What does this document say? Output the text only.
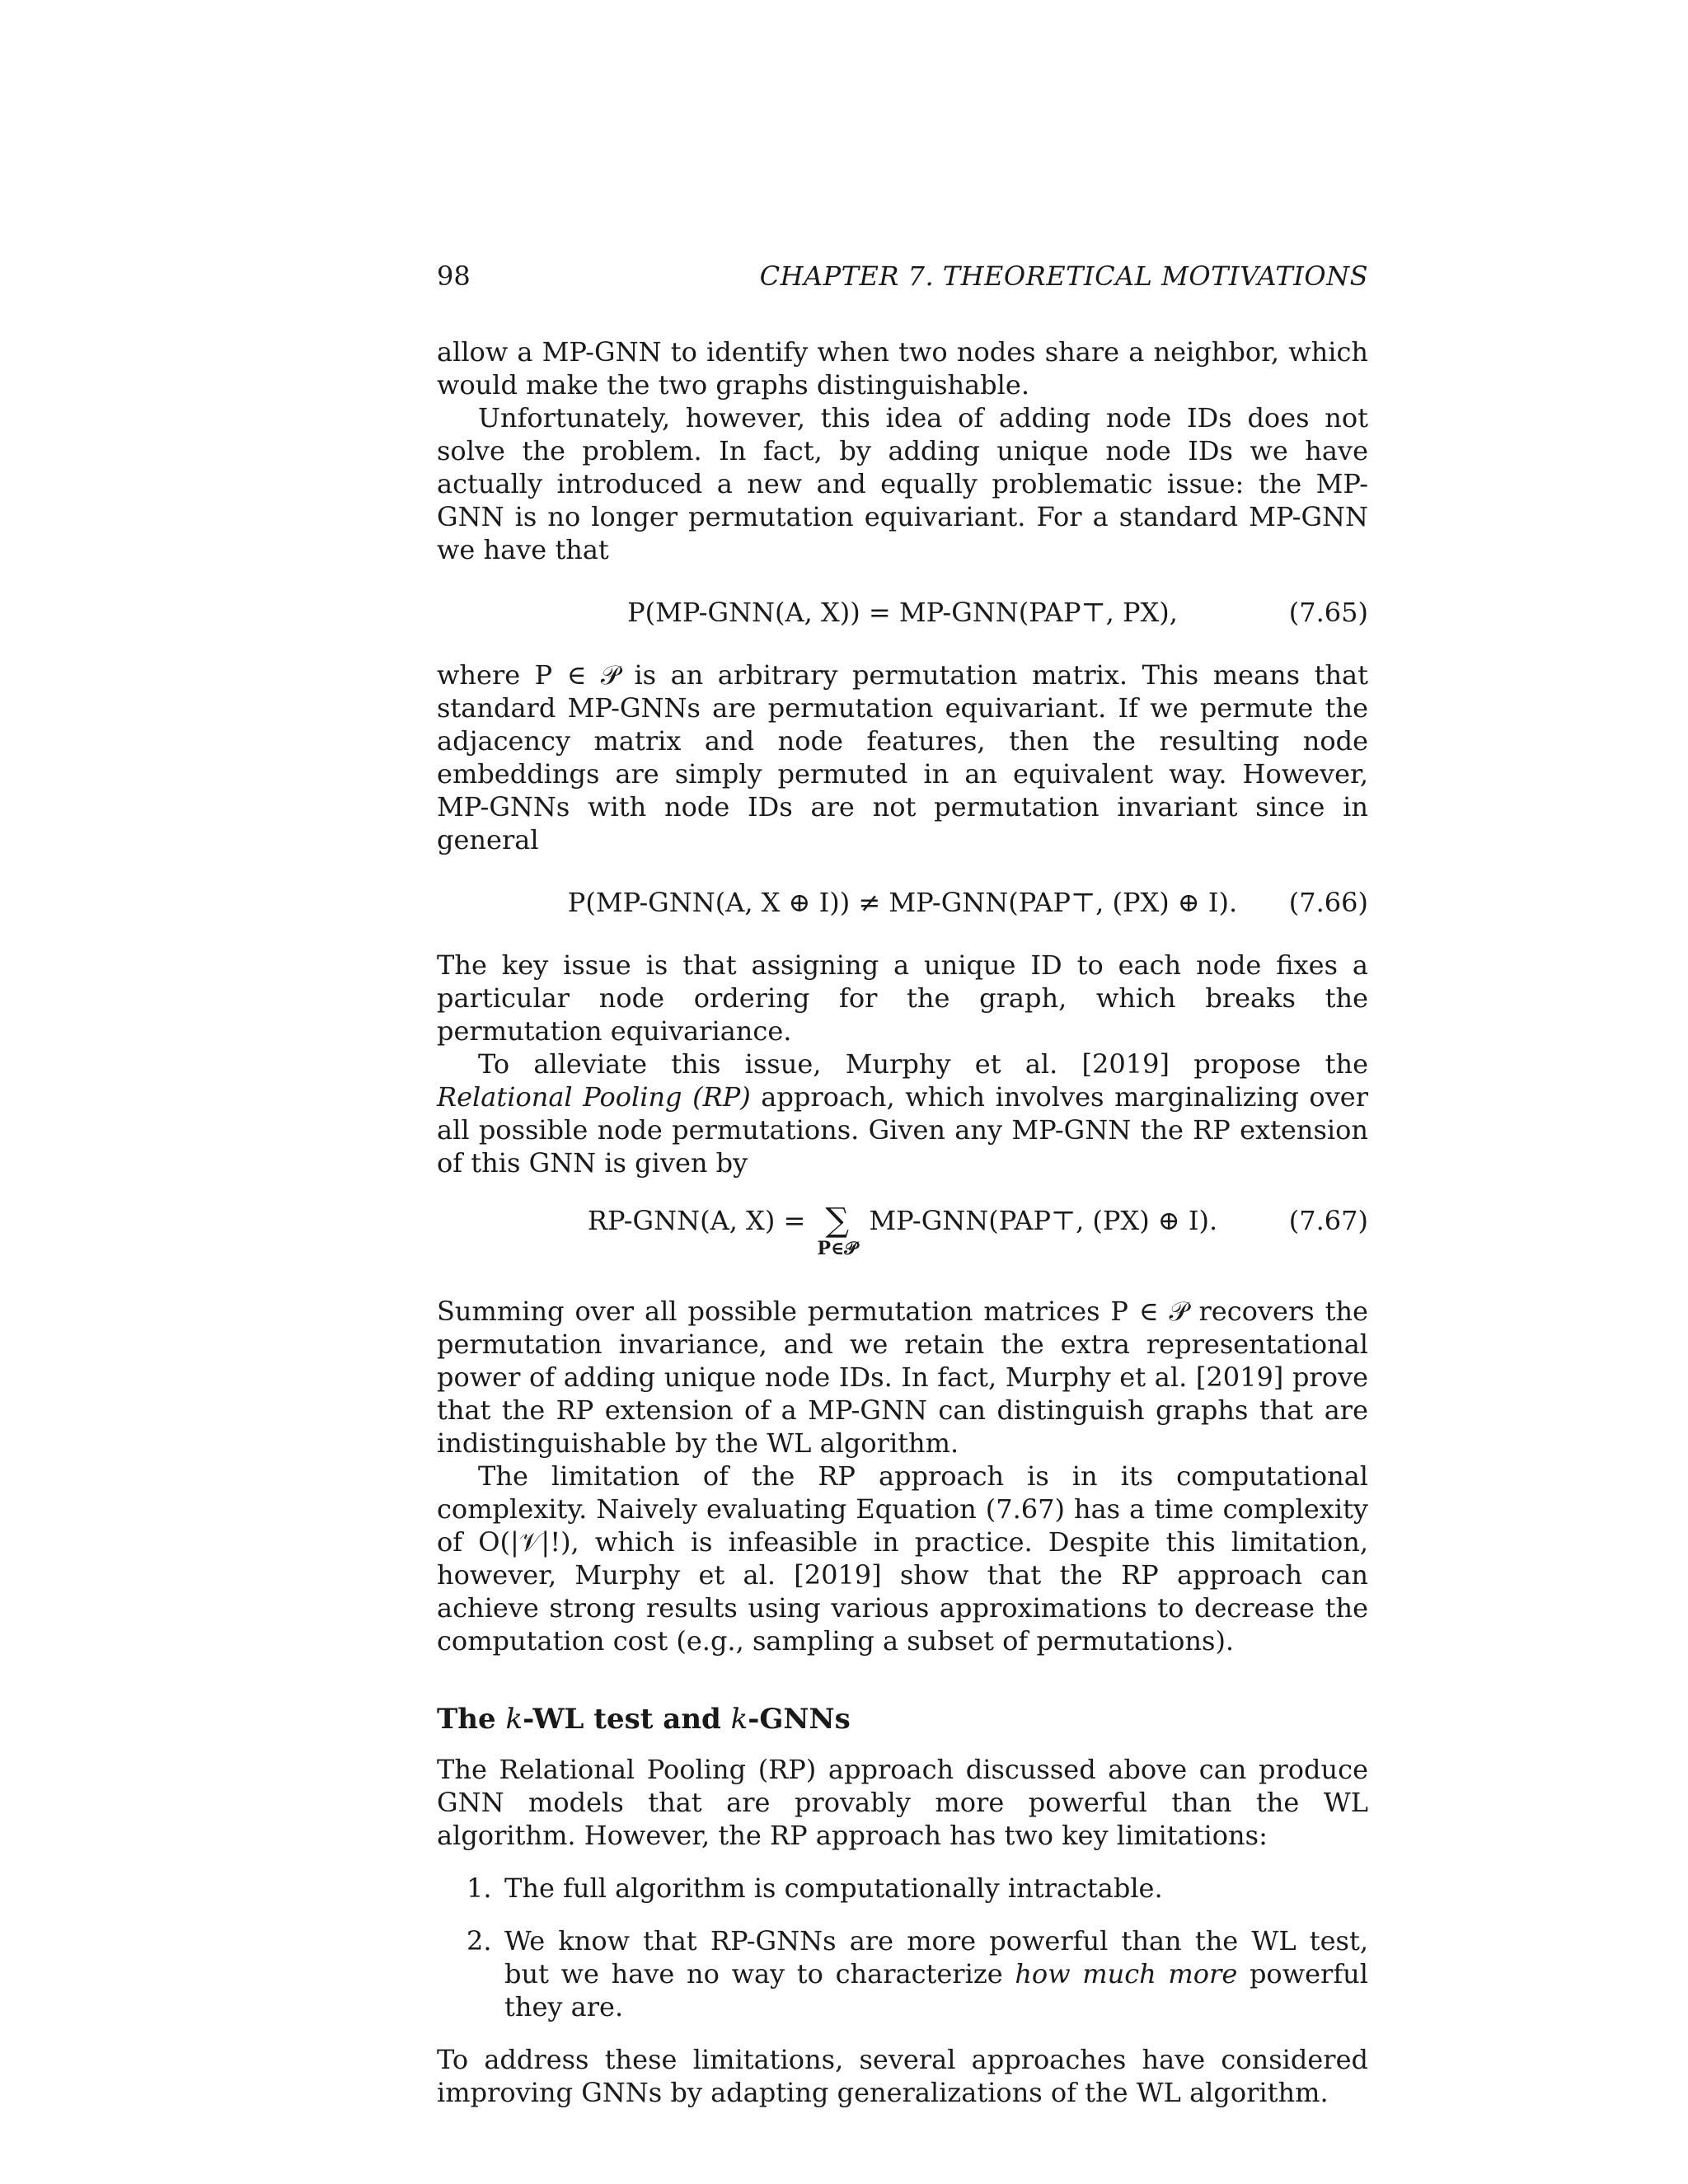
98	CHAPTER 7. THEORETICAL MOTIVATIONS

allow a MP-GNN to identify when two nodes share a neighbor, which would make the two graphs distinguishable.

Unfortunately, however, this idea of adding node IDs does not solve the problem. In fact, by adding unique node IDs we have actually introduced a new and equally problematic issue: the MP-GNN is no longer permutation equivariant. For a standard MP-GNN we have that

P(MP-GNN(A, X)) = MP-GNN(PAP⊤, PX),	(7.65)

where P ∈ 𝒫 is an arbitrary permutation matrix. This means that standard MP-GNNs are permutation equivariant. If we permute the adjacency matrix and node features, then the resulting node embeddings are simply permuted in an equivalent way. However, MP-GNNs with node IDs are not permutation invariant since in general

P(MP-GNN(A, X ⊕ I)) ≠ MP-GNN(PAP⊤, (PX) ⊕ I).	(7.66)

The key issue is that assigning a unique ID to each node fixes a particular node ordering for the graph, which breaks the permutation equivariance.

To alleviate this issue, Murphy et al. [2019] propose the Relational Pooling (RP) approach, which involves marginalizing over all possible node permutations. Given any MP-GNN the RP extension of this GNN is given by

RP-GNN(A, X) = ∑
P∈𝒫
MP-GNN(PAP⊤, (PX) ⊕ I).	(7.67)

Summing over all possible permutation matrices P ∈ 𝒫 recovers the permutation invariance, and we retain the extra representational power of adding unique node IDs. In fact, Murphy et al. [2019] prove that the RP extension of a MP-GNN can distinguish graphs that are indistinguishable by the WL algorithm.

The limitation of the RP approach is in its computational complexity. Naively evaluating Equation (7.67) has a time complexity of O(|𝒱|!), which is infeasible in practice. Despite this limitation, however, Murphy et al. [2019] show that the RP approach can achieve strong results using various approximations to decrease the computation cost (e.g., sampling a subset of permutations).

The k-WL test and k-GNNs

The Relational Pooling (RP) approach discussed above can produce GNN models that are provably more powerful than the WL algorithm. However, the RP approach has two key limitations:

1. The full algorithm is computationally intractable.
2. We know that RP-GNNs are more powerful than the WL test, but we have no way to characterize how much more powerful they are.

To address these limitations, several approaches have considered improving GNNs by adapting generalizations of the WL algorithm.
